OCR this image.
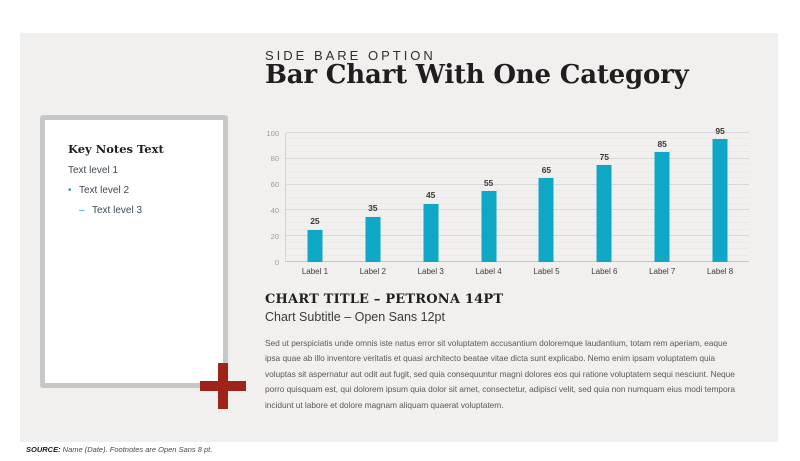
SIDE BARE OPTION
Bar Chart With One Category
Key Notes Text
Text level 1
• Text level 2
– Text level 3
0
20
40
60
80
100
25
Label 1
35
Label 2
45
Label 3
55
Label 4
65
Label 5
75
Label 6
85
Label 7
95
Label 8
CHART TITLE – PETRONA 14PT
Chart Subtitle – Open Sans 12pt
Sed ut perspiciatis unde omnis iste natus error sit voluptatem accusantium doloremque laudantium, totam rem aperiam, eaque ipsa quae ab illo inventore veritatis et quasi architecto beatae vitae dicta sunt explicabo. Nemo enim ipsam voluptatem quia voluptas sit aspernatur aut odit aut fugit, sed quia consequuntur magni dolores eos qui ratione voluptatem sequi nesciunt. Neque porro quisquam est, qui dolorem ipsum quia dolor sit amet, consectetur, adipisci velit, sed quia non numquam eius modi tempora incidunt ut labore et dolore magnam aliquam quaerat voluptatem.
SOURCE: Name (Date). Footnotes are Open Sans 8 pt.
